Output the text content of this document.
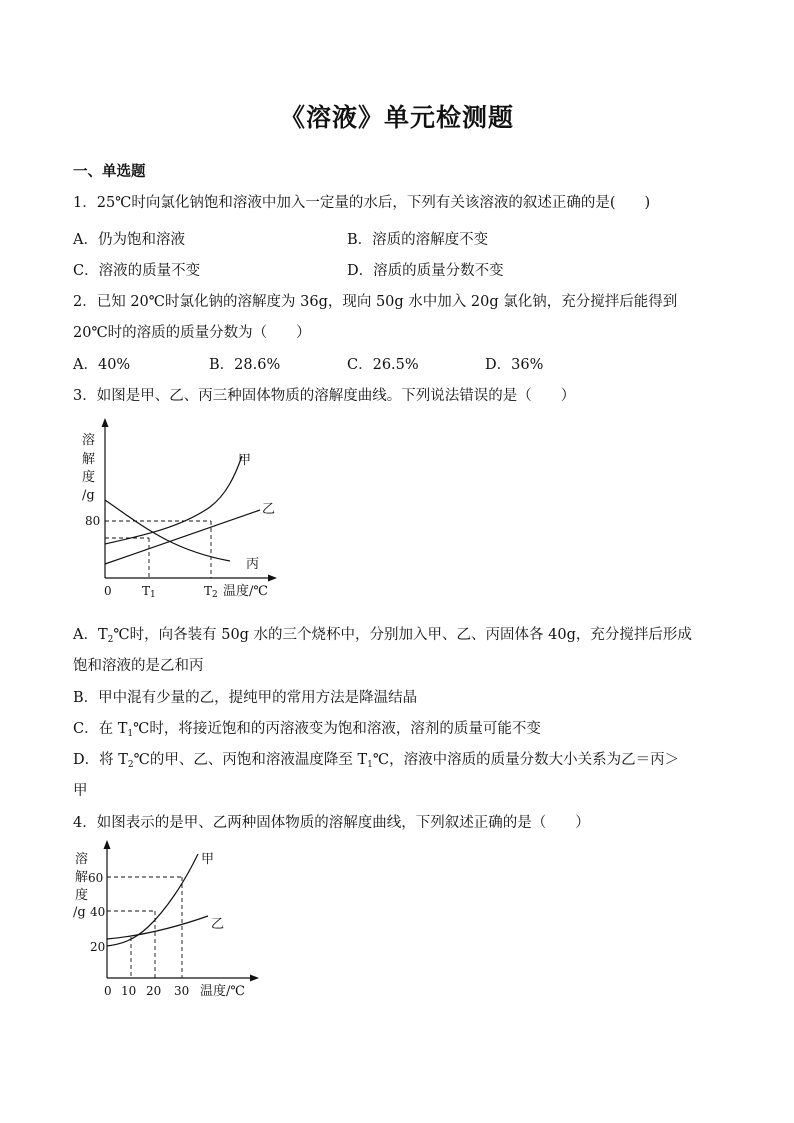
《溶液》单元检测题
一、单选题
1．25℃时向氯化钠饱和溶液中加入一定量的水后，下列有关该溶液的叙述正确的是(　　)
A．仍为饱和溶液	B．溶质的溶解度不变
C．溶液的质量不变	D．溶质的质量分数不变
2．已知 20℃时氯化钠的溶解度为 36g，现向 50g 水中加入 20g 氯化钠，充分搅拌后能得到
20℃时的溶质的质量分数为（　　）
A．40%	B．28.6%	C．26.5%	D．36%
3．如图是甲、乙、丙三种固体物质的溶解度曲线。下列说法错误的是（　　）
溶
解
度
/g
80
0	T1	T2 温度/℃
甲
乙
丙
A．$T_2℃$时，向各装有 50g 水的三个烧杯中，分别加入甲、乙、丙固体各 40g，充分搅拌后形成
饱和溶液的是乙和丙
B．甲中混有少量的乙，提纯甲的常用方法是降温结晶
C．在 $T_1℃$时，将接近饱和的丙溶液变为饱和溶液，溶剂的质量可能不变
D．将 $T_2℃$的甲、乙、丙饱和溶液温度降至 $T_1℃$，溶液中溶质的质量分数大小关系为乙＝丙＞
甲
4．如图表示的是甲、乙两种固体物质的溶解度曲线，下列叙述正确的是（　　）
溶
解
度
/g
60
40
20
0 10 20 30 温度/℃
甲
乙
